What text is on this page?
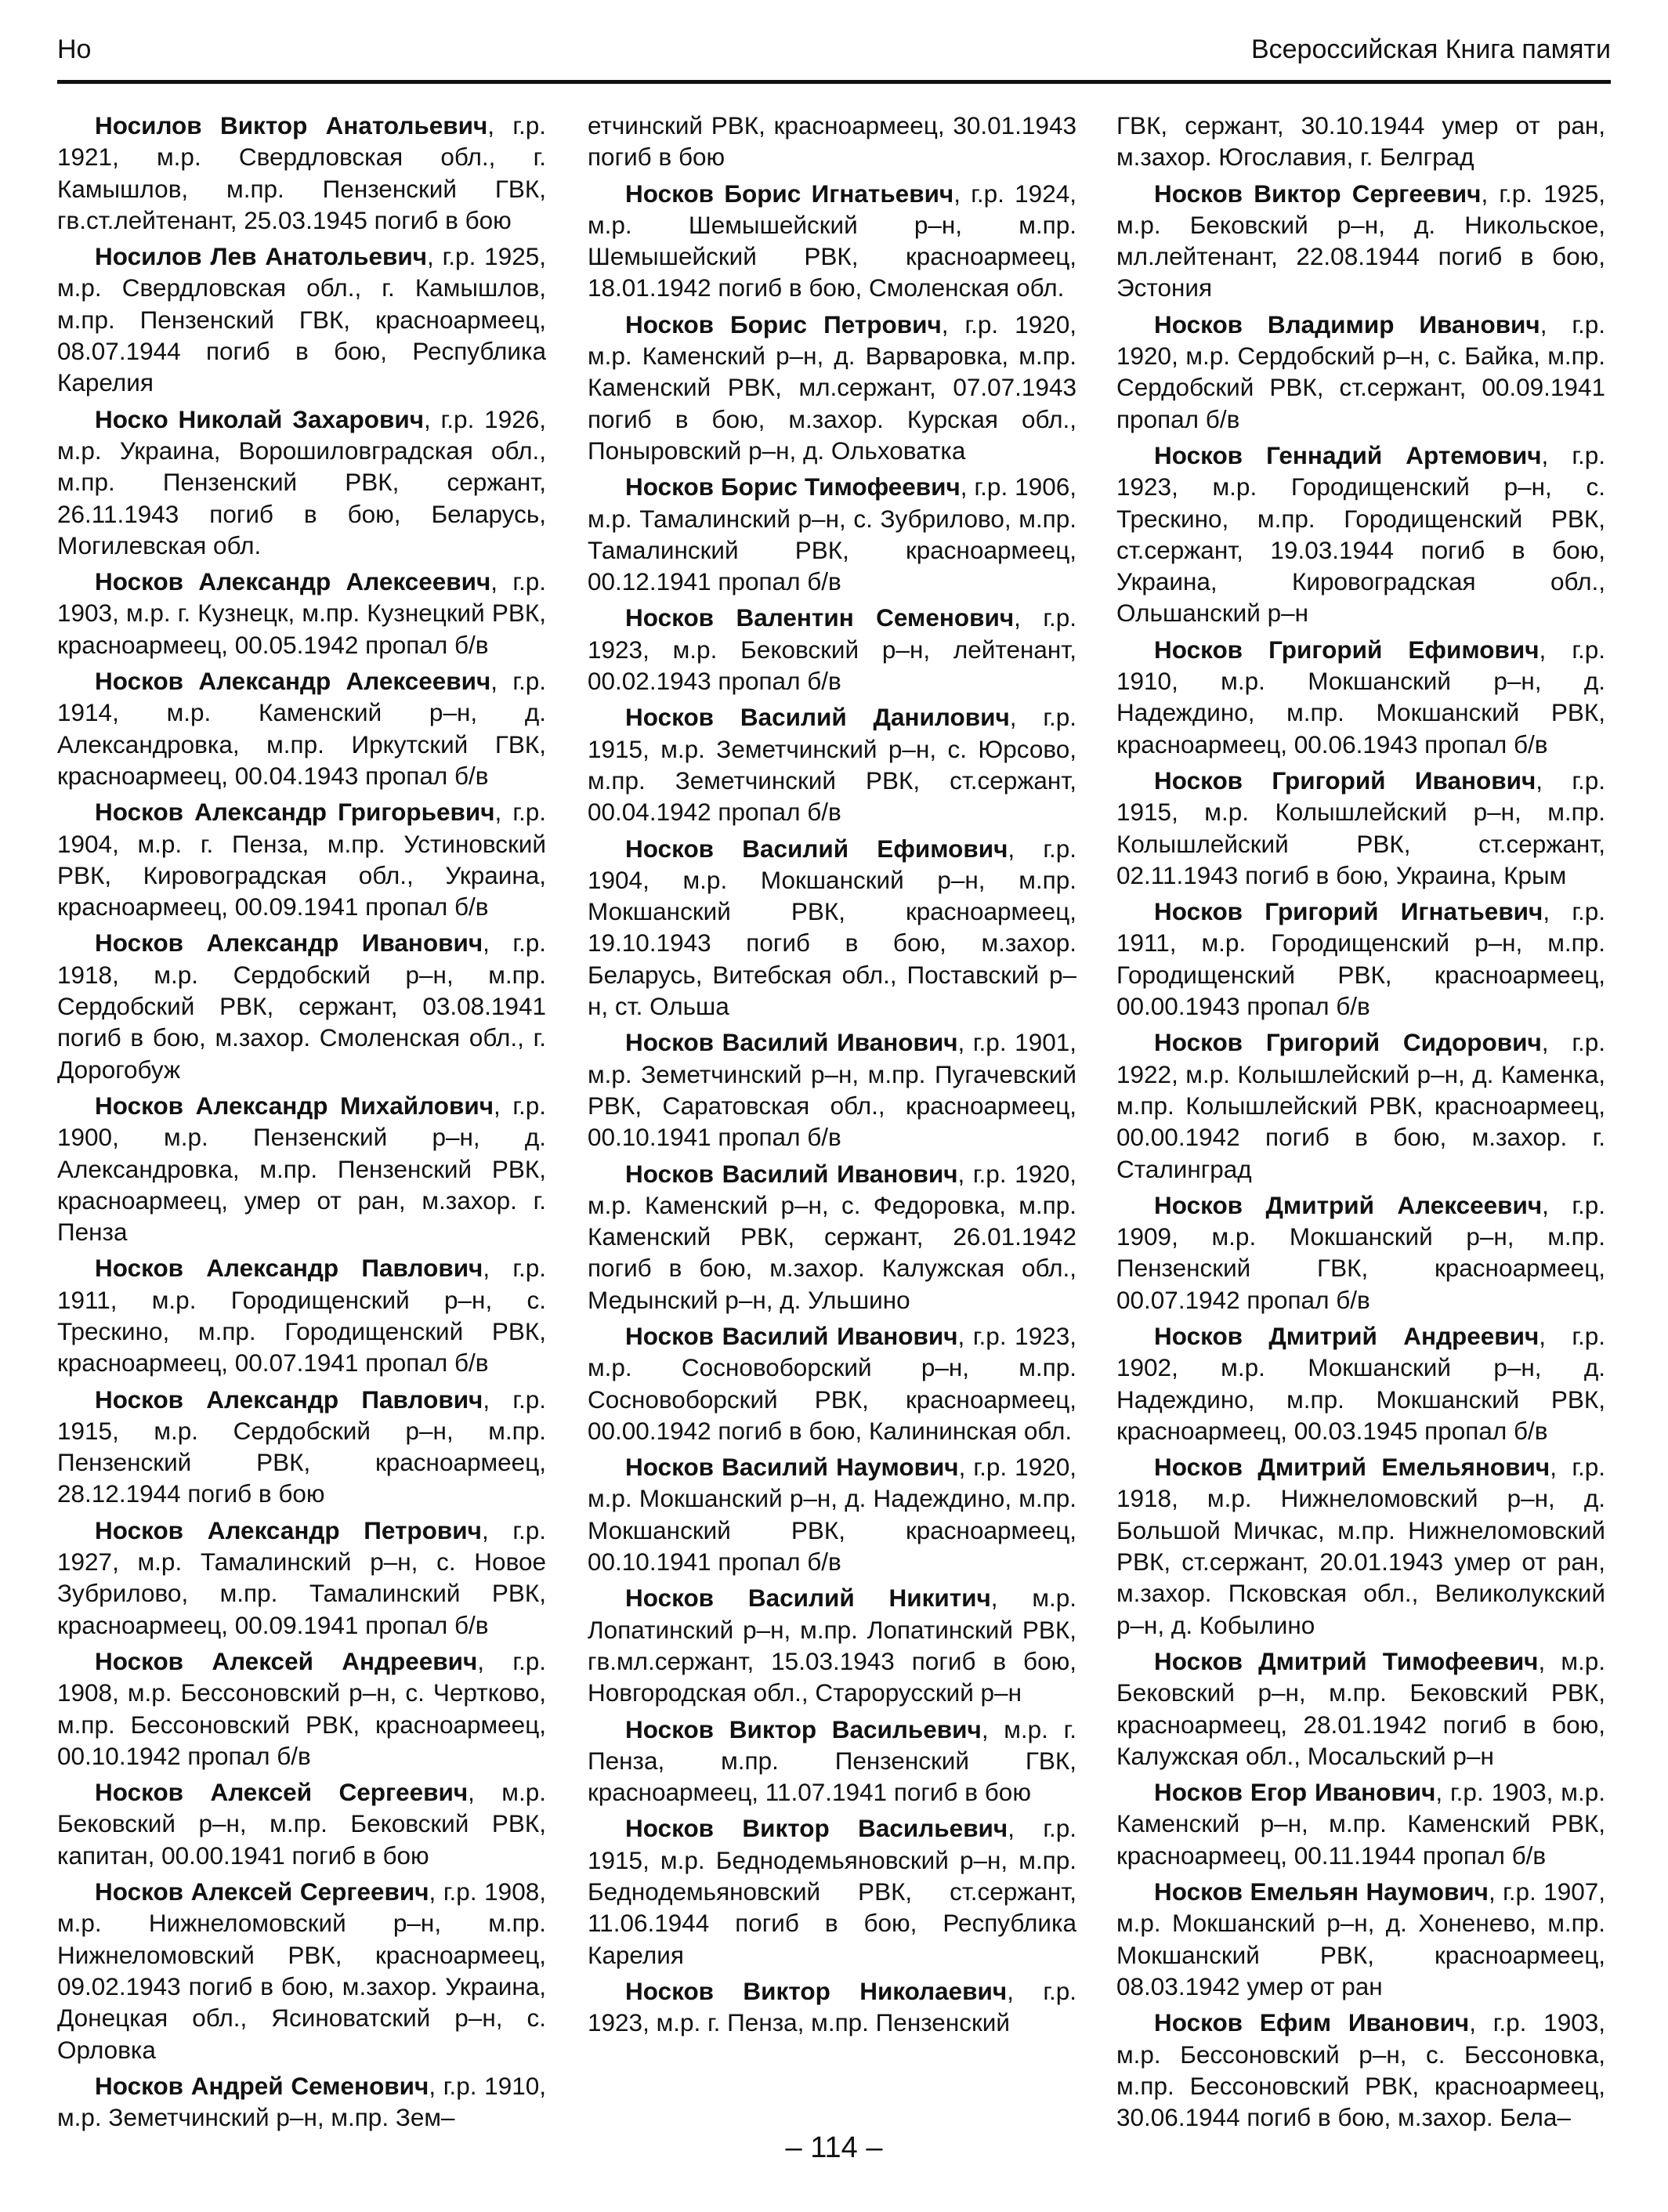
Но	Всероссийская Книга памяти

Носилов Виктор Анатольевич, г.р. 1921, м.р. Свердловская обл., г. Камышлов, м.пр. Пензенский ГВК, гв.ст.лейтенант, 25.03.1945 погиб в бою

Носилов Лев Анатольевич, г.р. 1925, м.р. Свердловская обл., г. Камышлов, м.пр. Пензенский ГВК, красноармеец, 08.07.1944 погиб в бою, Республика Карелия

Носко Николай Захарович, г.р. 1926, м.р. Украина, Ворошиловградская обл., м.пр. Пензенский РВК, сержант, 26.11.1943 погиб в бою, Беларусь, Могилевская обл.

Носков Александр Алексеевич, г.р. 1903, м.р. г. Кузнецк, м.пр. Кузнецкий РВК, красноармеец, 00.05.1942 пропал б/в

Носков Александр Алексеевич, г.р. 1914, м.р. Каменский р–н, д. Александровка, м.пр. Иркутский ГВК, красноармеец, 00.04.1943 пропал б/в

Носков Александр Григорьевич, г.р. 1904, м.р. г. Пенза, м.пр. Устиновский РВК, Кировоградская обл., Украина, красноармеец, 00.09.1941 пропал б/в

Носков Александр Иванович, г.р. 1918, м.р. Сердобский р–н, м.пр. Сердобский РВК, сержант, 03.08.1941 погиб в бою, м.захор. Смоленская обл., г. Дорогобуж

Носков Александр Михайлович, г.р. 1900, м.р. Пензенский р–н, д. Александровка, м.пр. Пензенский РВК, красноармеец, умер от ран, м.захор. г. Пенза

Носков Александр Павлович, г.р. 1911, м.р. Городищенский р–н, с. Трескино, м.пр. Городищенский РВК, красноармеец, 00.07.1941 пропал б/в

Носков Александр Павлович, г.р. 1915, м.р. Сердобский р–н, м.пр. Пензенский РВК, красноармеец, 28.12.1944 погиб в бою

Носков Александр Петрович, г.р. 1927, м.р. Тамалинский р–н, с. Новое Зубрилово, м.пр. Тамалинский РВК, красноармеец, 00.09.1941 пропал б/в

Носков Алексей Андреевич, г.р. 1908, м.р. Бессоновский р–н, с. Чертково, м.пр. Бессоновский РВК, красноармеец, 00.10.1942 пропал б/в

Носков Алексей Сергеевич, м.р. Бековский р–н, м.пр. Бековский РВК, капитан, 00.00.1941 погиб в бою

Носков Алексей Сергеевич, г.р. 1908, м.р. Нижнеломовский р–н, м.пр. Нижнеломовский РВК, красноармеец, 09.02.1943 погиб в бою, м.захор. Украина, Донецкая обл., Ясиноватский р–н, с. Орловка

Носков Андрей Семенович, г.р. 1910, м.р. Земетчинский р–н, м.пр. Зем–

етчинский РВК, красноармеец, 30.01.1943 погиб в бою

Носков Борис Игнатьевич, г.р. 1924, м.р. Шемышейский р–н, м.пр. Шемышейский РВК, красноармеец, 18.01.1942 погиб в бою, Смоленская обл.

Носков Борис Петрович, г.р. 1920, м.р. Каменский р–н, д. Варваровка, м.пр. Каменский РВК, мл.сержант, 07.07.1943 погиб в бою, м.захор. Курская обл., Поныровский р–н, д. Ольховатка

Носков Борис Тимофеевич, г.р. 1906, м.р. Тамалинский р–н, с. Зубрилово, м.пр. Тамалинский РВК, красноармеец, 00.12.1941 пропал б/в

Носков Валентин Семенович, г.р. 1923, м.р. Бековский р–н, лейтенант, 00.02.1943 пропал б/в

Носков Василий Данилович, г.р. 1915, м.р. Земетчинский р–н, с. Юрсово, м.пр. Земетчинский РВК, ст.сержант, 00.04.1942 пропал б/в

Носков Василий Ефимович, г.р. 1904, м.р. Мокшанский р–н, м.пр. Мокшанский РВК, красноармеец, 19.10.1943 погиб в бою, м.захор. Беларусь, Витебская обл., Поставский р–н, ст. Ольша

Носков Василий Иванович, г.р. 1901, м.р. Земетчинский р–н, м.пр. Пугачевский РВК, Саратовская обл., красноармеец, 00.10.1941 пропал б/в

Носков Василий Иванович, г.р. 1920, м.р. Каменский р–н, с. Федоровка, м.пр. Каменский РВК, сержант, 26.01.1942 погиб в бою, м.захор. Калужская обл., Медынский р–н, д. Ульшино

Носков Василий Иванович, г.р. 1923, м.р. Сосновоборский р–н, м.пр. Сосновоборский РВК, красноармеец, 00.00.1942 погиб в бою, Калининская обл.

Носков Василий Наумович, г.р. 1920, м.р. Мокшанский р–н, д. Надеждино, м.пр. Мокшанский РВК, красноармеец, 00.10.1941 пропал б/в

Носков Василий Никитич, м.р. Лопатинский р–н, м.пр. Лопатинский РВК, гв.мл.сержант, 15.03.1943 погиб в бою, Новгородская обл., Старорусский р–н

Носков Виктор Васильевич, м.р. г. Пенза, м.пр. Пензенский ГВК, красноармеец, 11.07.1941 погиб в бою

Носков Виктор Васильевич, г.р. 1915, м.р. Беднодемьяновский р–н, м.пр. Беднодемьяновский РВК, ст.сержант, 11.06.1944 погиб в бою, Республика Карелия

Носков Виктор Николаевич, г.р. 1923, м.р. г. Пенза, м.пр. Пензенский

ГВК, сержант, 30.10.1944 умер от ран, м.захор. Югославия, г. Белград

Носков Виктор Сергеевич, г.р. 1925, м.р. Бековский р–н, д. Никольское, мл.лейтенант, 22.08.1944 погиб в бою, Эстония

Носков Владимир Иванович, г.р. 1920, м.р. Сердобский р–н, с. Байка, м.пр. Сердобский РВК, ст.сержант, 00.09.1941 пропал б/в

Носков Геннадий Артемович, г.р. 1923, м.р. Городищенский р–н, с. Трескино, м.пр. Городищенский РВК, ст.сержант, 19.03.1944 погиб в бою, Украина, Кировоградская обл., Ольшанский р–н

Носков Григорий Ефимович, г.р. 1910, м.р. Мокшанский р–н, д. Надеждино, м.пр. Мокшанский РВК, красноармеец, 00.06.1943 пропал б/в

Носков Григорий Иванович, г.р. 1915, м.р. Колышлейский р–н, м.пр. Колышлейский РВК, ст.сержант, 02.11.1943 погиб в бою, Украина, Крым

Носков Григорий Игнатьевич, г.р. 1911, м.р. Городищенский р–н, м.пр. Городищенский РВК, красноармеец, 00.00.1943 пропал б/в

Носков Григорий Сидорович, г.р. 1922, м.р. Колышлейский р–н, д. Каменка, м.пр. Колышлейский РВК, красноармеец, 00.00.1942 погиб в бою, м.захор. г. Сталинград

Носков Дмитрий Алексеевич, г.р. 1909, м.р. Мокшанский р–н, м.пр. Пензенский ГВК, красноармеец, 00.07.1942 пропал б/в

Носков Дмитрий Андреевич, г.р. 1902, м.р. Мокшанский р–н, д. Надеждино, м.пр. Мокшанский РВК, красноармеец, 00.03.1945 пропал б/в

Носков Дмитрий Емельянович, г.р. 1918, м.р. Нижнеломовский р–н, д. Большой Мичкас, м.пр. Нижнеломовский РВК, ст.сержант, 20.01.1943 умер от ран, м.захор. Псковская обл., Великолукский р–н, д. Кобылино

Носков Дмитрий Тимофеевич, м.р. Бековский р–н, м.пр. Бековский РВК, красноармеец, 28.01.1942 погиб в бою, Калужская обл., Мосальский р–н

Носков Егор Иванович, г.р. 1903, м.р. Каменский р–н, м.пр. Каменский РВК, красноармеец, 00.11.1944 пропал б/в

Носков Емельян Наумович, г.р. 1907, м.р. Мокшанский р–н, д. Хоненево, м.пр. Мокшанский РВК, красноармеец, 08.03.1942 умер от ран

Носков Ефим Иванович, г.р. 1903, м.р. Бессоновский р–н, с. Бессоновка, м.пр. Бессоновский РВК, красноармеец, 30.06.1944 погиб в бою, м.захор. Бела–

– 114 –
